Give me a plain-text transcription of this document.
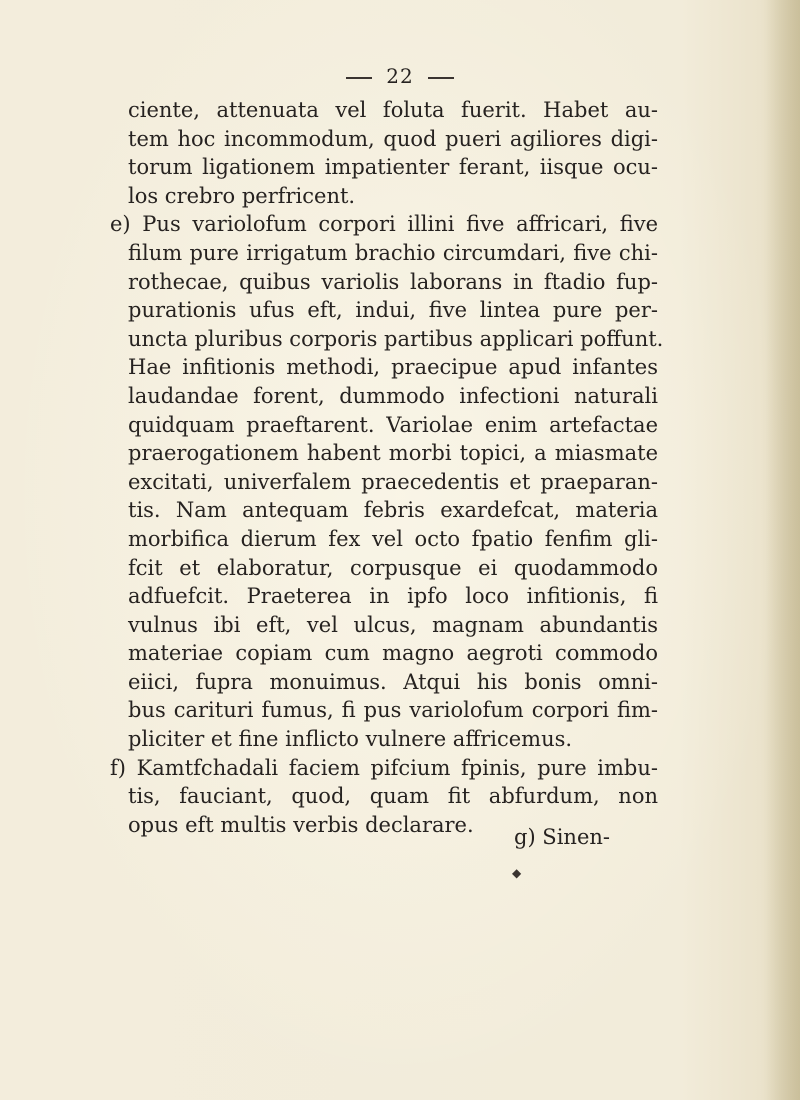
22
ciente, attenuata vel foluta fuerit. Habet au-
tem hoc incommodum, quod pueri agiliores digi-
torum ligationem impatienter ferant, iisque ocu-
los crebro perfricent.
e) Pus variolofum corpori illini five affricari, five
filum pure irrigatum brachio circumdari, five chi-
rothecae, quibus variolis laborans in ftadio fup-
purationis ufus eft, indui, five lintea pure per-
uncta pluribus corporis partibus applicari poffunt.
Hae infitionis methodi, praecipue apud infantes
laudandae forent, dummodo infectioni naturali
quidquam praeftarent. Variolae enim artefactae
praerogationem habent morbi topici, a miasmate
excitati, univerfalem praecedentis et praeparan-
tis. Nam antequam febris exardefcat, materia
morbifica dierum fex vel octo fpatio fenfim gli-
fcit et elaboratur, corpusque ei quodammodo
adfuefcit. Praeterea in ipfo loco infitionis, fi
vulnus ibi eft, vel ulcus, magnam abundantis
materiae copiam cum magno aegroti commodo
eiici, fupra monuimus. Atqui his bonis omni-
bus carituri fumus, fi pus variolofum corpori fim-
pliciter et fine inflicto vulnere affricemus.
f) Kamtfchadali faciem pifcium fpinis, pure imbu-
tis, fauciant, quod, quam fit abfurdum, non
opus eft multis verbis declarare.
g) Sinen-
◆
